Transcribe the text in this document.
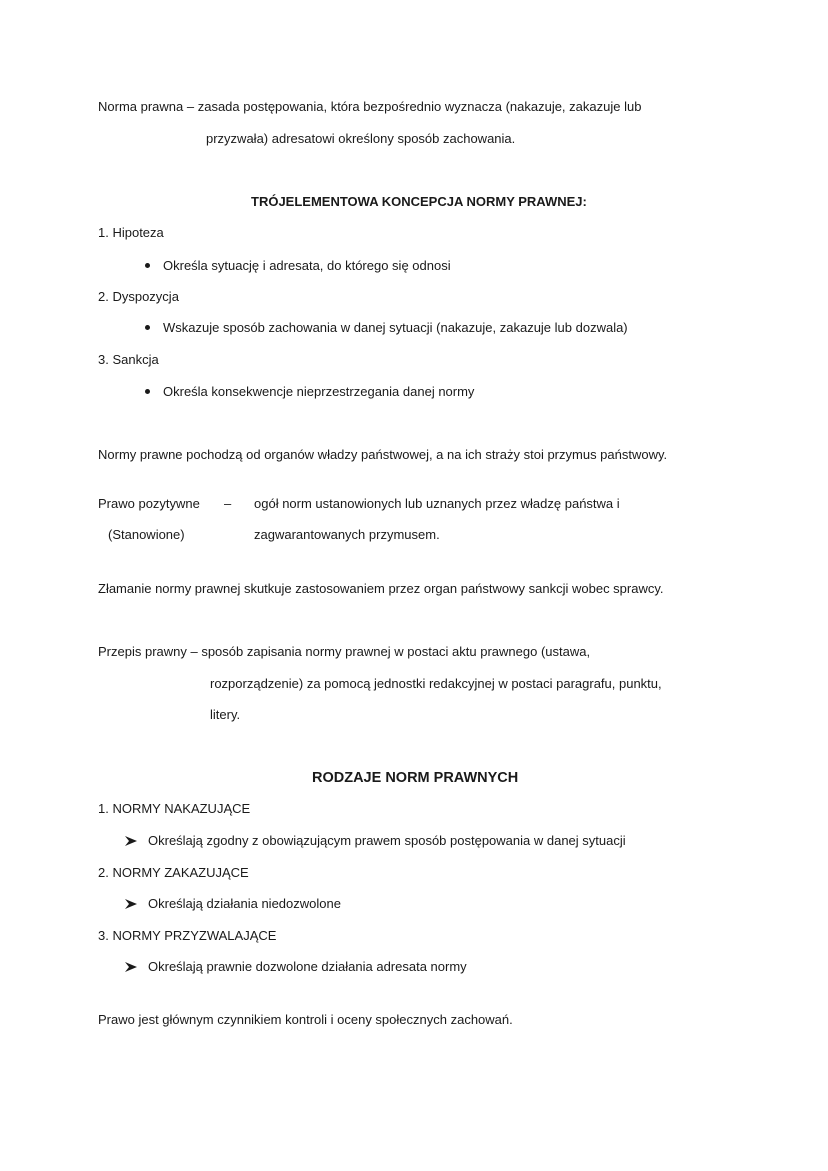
Norma prawna – zasada postępowania, która bezpośrednio wyznacza (nakazuje, zakazuje lub

przyzwała) adresatowi określony sposób zachowania.

TRÓJELEMENTOWA KONCEPCJA NORMY PRAWNEJ:

1. Hipoteza

Określa sytuację i adresata, do którego się odnosi

2. Dyspozycja

Wskazuje sposób zachowania w danej sytuacji (nakazuje, zakazuje lub dozwala)

3. Sankcja

Określa konsekwencje nieprzestrzegania danej normy

Normy prawne pochodzą od organów władzy państwowej, a na ich straży stoi przymus państwowy.

Prawo pozytywne – ogół norm ustanowionych lub uznanych przez władzę państwa i

(Stanowione)	zagwarantowanych przymusem.

Złamanie normy prawnej skutkuje zastosowaniem przez organ państwowy sankcji wobec sprawcy.

Przepis prawny – sposób zapisania normy prawnej w postaci aktu prawnego (ustawa,

rozporządzenie) za pomocą jednostki redakcyjnej w postaci paragrafu, punktu,

litery.

RODZAJE NORM PRAWNYCH

1. NORMY NAKAZUJĄCE

Określają zgodny z obowiązującym prawem sposób postępowania w danej sytuacji

2. NORMY ZAKAZUJĄCE

Określają działania niedozwolone

3. NORMY PRZYZWALAJĄCE

Określają prawnie dozwolone działania adresata normy

Prawo jest głównym czynnikiem kontroli i oceny społecznych zachowań.
